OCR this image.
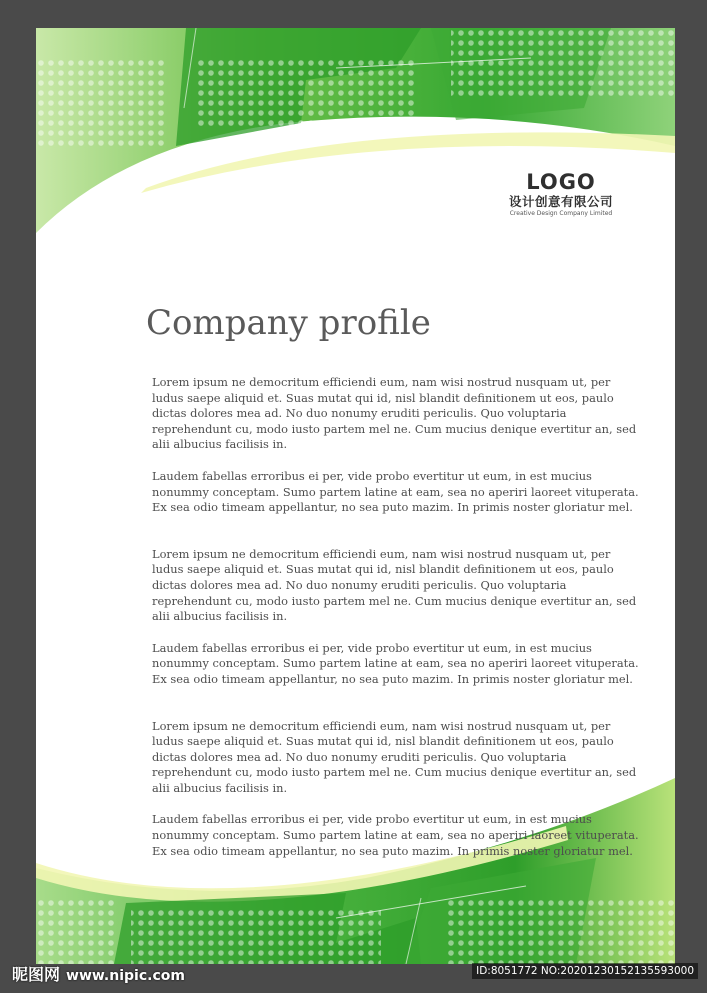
LOGO
设计创意有限公司
Creative Design Company Limited
Company profile

Lorem ipsum ne democritum efficiendi eum, nam wisi nostrud nusquam ut, per ludus saepe aliquid et. Suas mutat qui id, nisl blandit definitionem ut eos, paulo dictas dolores mea ad. No duo nonumy eruditi periculis. Quo voluptaria reprehendunt cu, modo iusto partem mel ne. Cum mucius denique evertitur an, sed alii albucius facilisis in.

Laudem fabellas erroribus ei per, vide probo evertitur ut eum, in est mucius nonummy conceptam. Sumo partem latine at eam, sea no aperiri laoreet vituperata. Ex sea odio timeam appellantur, no sea puto mazim. In primis noster gloriatur mel.

Lorem ipsum ne democritum efficiendi eum, nam wisi nostrud nusquam ut, per ludus saepe aliquid et. Suas mutat qui id, nisl blandit definitionem ut eos, paulo dictas dolores mea ad. No duo nonumy eruditi periculis. Quo voluptaria reprehendunt cu, modo iusto partem mel ne. Cum mucius denique evertitur an, sed alii albucius facilisis in.

Laudem fabellas erroribus ei per, vide probo evertitur ut eum, in est mucius nonummy conceptam. Sumo partem latine at eam, sea no aperiri laoreet vituperata. Ex sea odio timeam appellantur, no sea puto mazim. In primis noster gloriatur mel.

Lorem ipsum ne democritum efficiendi eum, nam wisi nostrud nusquam ut, per ludus saepe aliquid et. Suas mutat qui id, nisl blandit definitionem ut eos, paulo dictas dolores mea ad. No duo nonumy eruditi periculis. Quo voluptaria reprehendunt cu, modo iusto partem mel ne. Cum mucius denique evertitur an, sed alii albucius facilisis in.

Laudem fabellas erroribus ei per, vide probo evertitur ut eum, in est mucius nonummy conceptam. Sumo partem latine at eam, sea no aperiri laoreet vituperata. Ex sea odio timeam appellantur, no sea puto mazim. In primis noster gloriatur mel.

昵图网 www.nipic.com	ID:8051772 NO:20201230152135593000
